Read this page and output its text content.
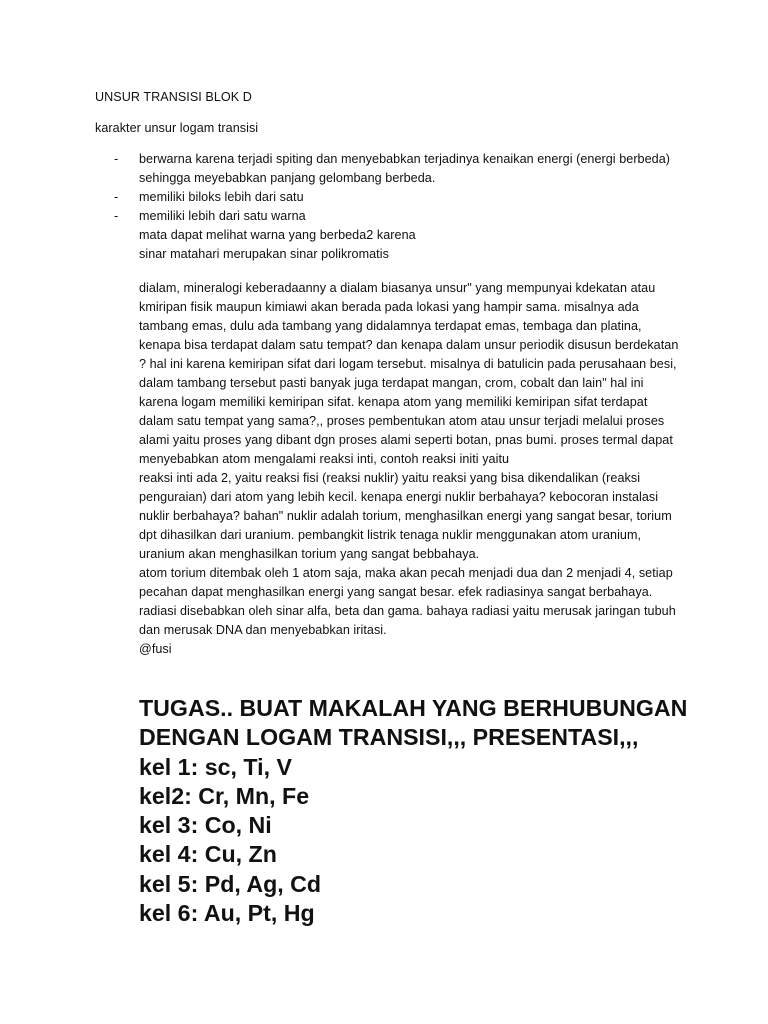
UNSUR TRANSISI BLOK D

karakter unsur logam transisi

- berwarna karena terjadi spiting dan menyebabkan terjadinya kenaikan energi (energi berbeda) sehingga meyebabkan panjang gelombang berbeda.
- memiliki biloks lebih dari satu
- memiliki lebih dari satu warna
mata dapat melihat warna yang berbeda2 karena
sinar matahari merupakan sinar polikromatis

dialam, mineralogi keberadaanny a dialam biasanya unsur" yang mempunyai kdekatan atau kmiripan fisik maupun kimiawi akan berada pada lokasi yang hampir sama. misalnya ada tambang emas, dulu ada tambang yang didalamnya terdapat emas, tembaga dan platina, kenapa bisa terdapat dalam satu tempat? dan kenapa dalam unsur periodik disusun berdekatan ? hal ini karena kemiripan sifat dari logam tersebut. misalnya di batulicin pada perusahaan besi, dalam tambang tersebut pasti banyak juga terdapat mangan, crom, cobalt dan lain" hal ini karena logam memiliki kemiripan sifat. kenapa atom yang memiliki kemiripan sifat terdapat dalam satu tempat yang sama?,, proses pembentukan atom atau unsur terjadi melalui proses alami yaitu proses yang dibant dgn proses alami seperti botan, pnas bumi. proses termal dapat menyebabkan atom mengalami reaksi inti, contoh reaksi initi yaitu
reaksi inti ada 2, yaitu reaksi fisi (reaksi nuklir) yaitu reaksi yang bisa dikendalikan (reaksi penguraian) dari atom yang lebih kecil. kenapa energi nuklir berbahaya? kebocoran instalasi nuklir berbahaya? bahan" nuklir adalah torium, menghasilkan energi yang sangat besar, torium dpt dihasilkan dari uranium. pembangkit listrik tenaga nuklir menggunakan atom uranium, uranium akan menghasilkan torium yang sangat bebbahaya.
atom torium ditembak oleh 1 atom saja, maka akan pecah menjadi dua dan 2 menjadi 4, setiap pecahan dapat menghasilkan energi yang sangat besar. efek radiasinya sangat berbahaya. radiasi disebabkan oleh sinar alfa, beta dan gama. bahaya radiasi yaitu merusak jaringan tubuh dan merusak DNA dan menyebabkan iritasi.
@fusi

TUGAS.. BUAT MAKALAH YANG BERHUBUNGAN
DENGAN LOGAM TRANSISI,,, PRESENTASI,,,
kel 1: sc, Ti, V
kel2: Cr, Mn, Fe
kel 3: Co, Ni
kel 4: Cu, Zn
kel 5: Pd, Ag, Cd
kel 6: Au, Pt, Hg
